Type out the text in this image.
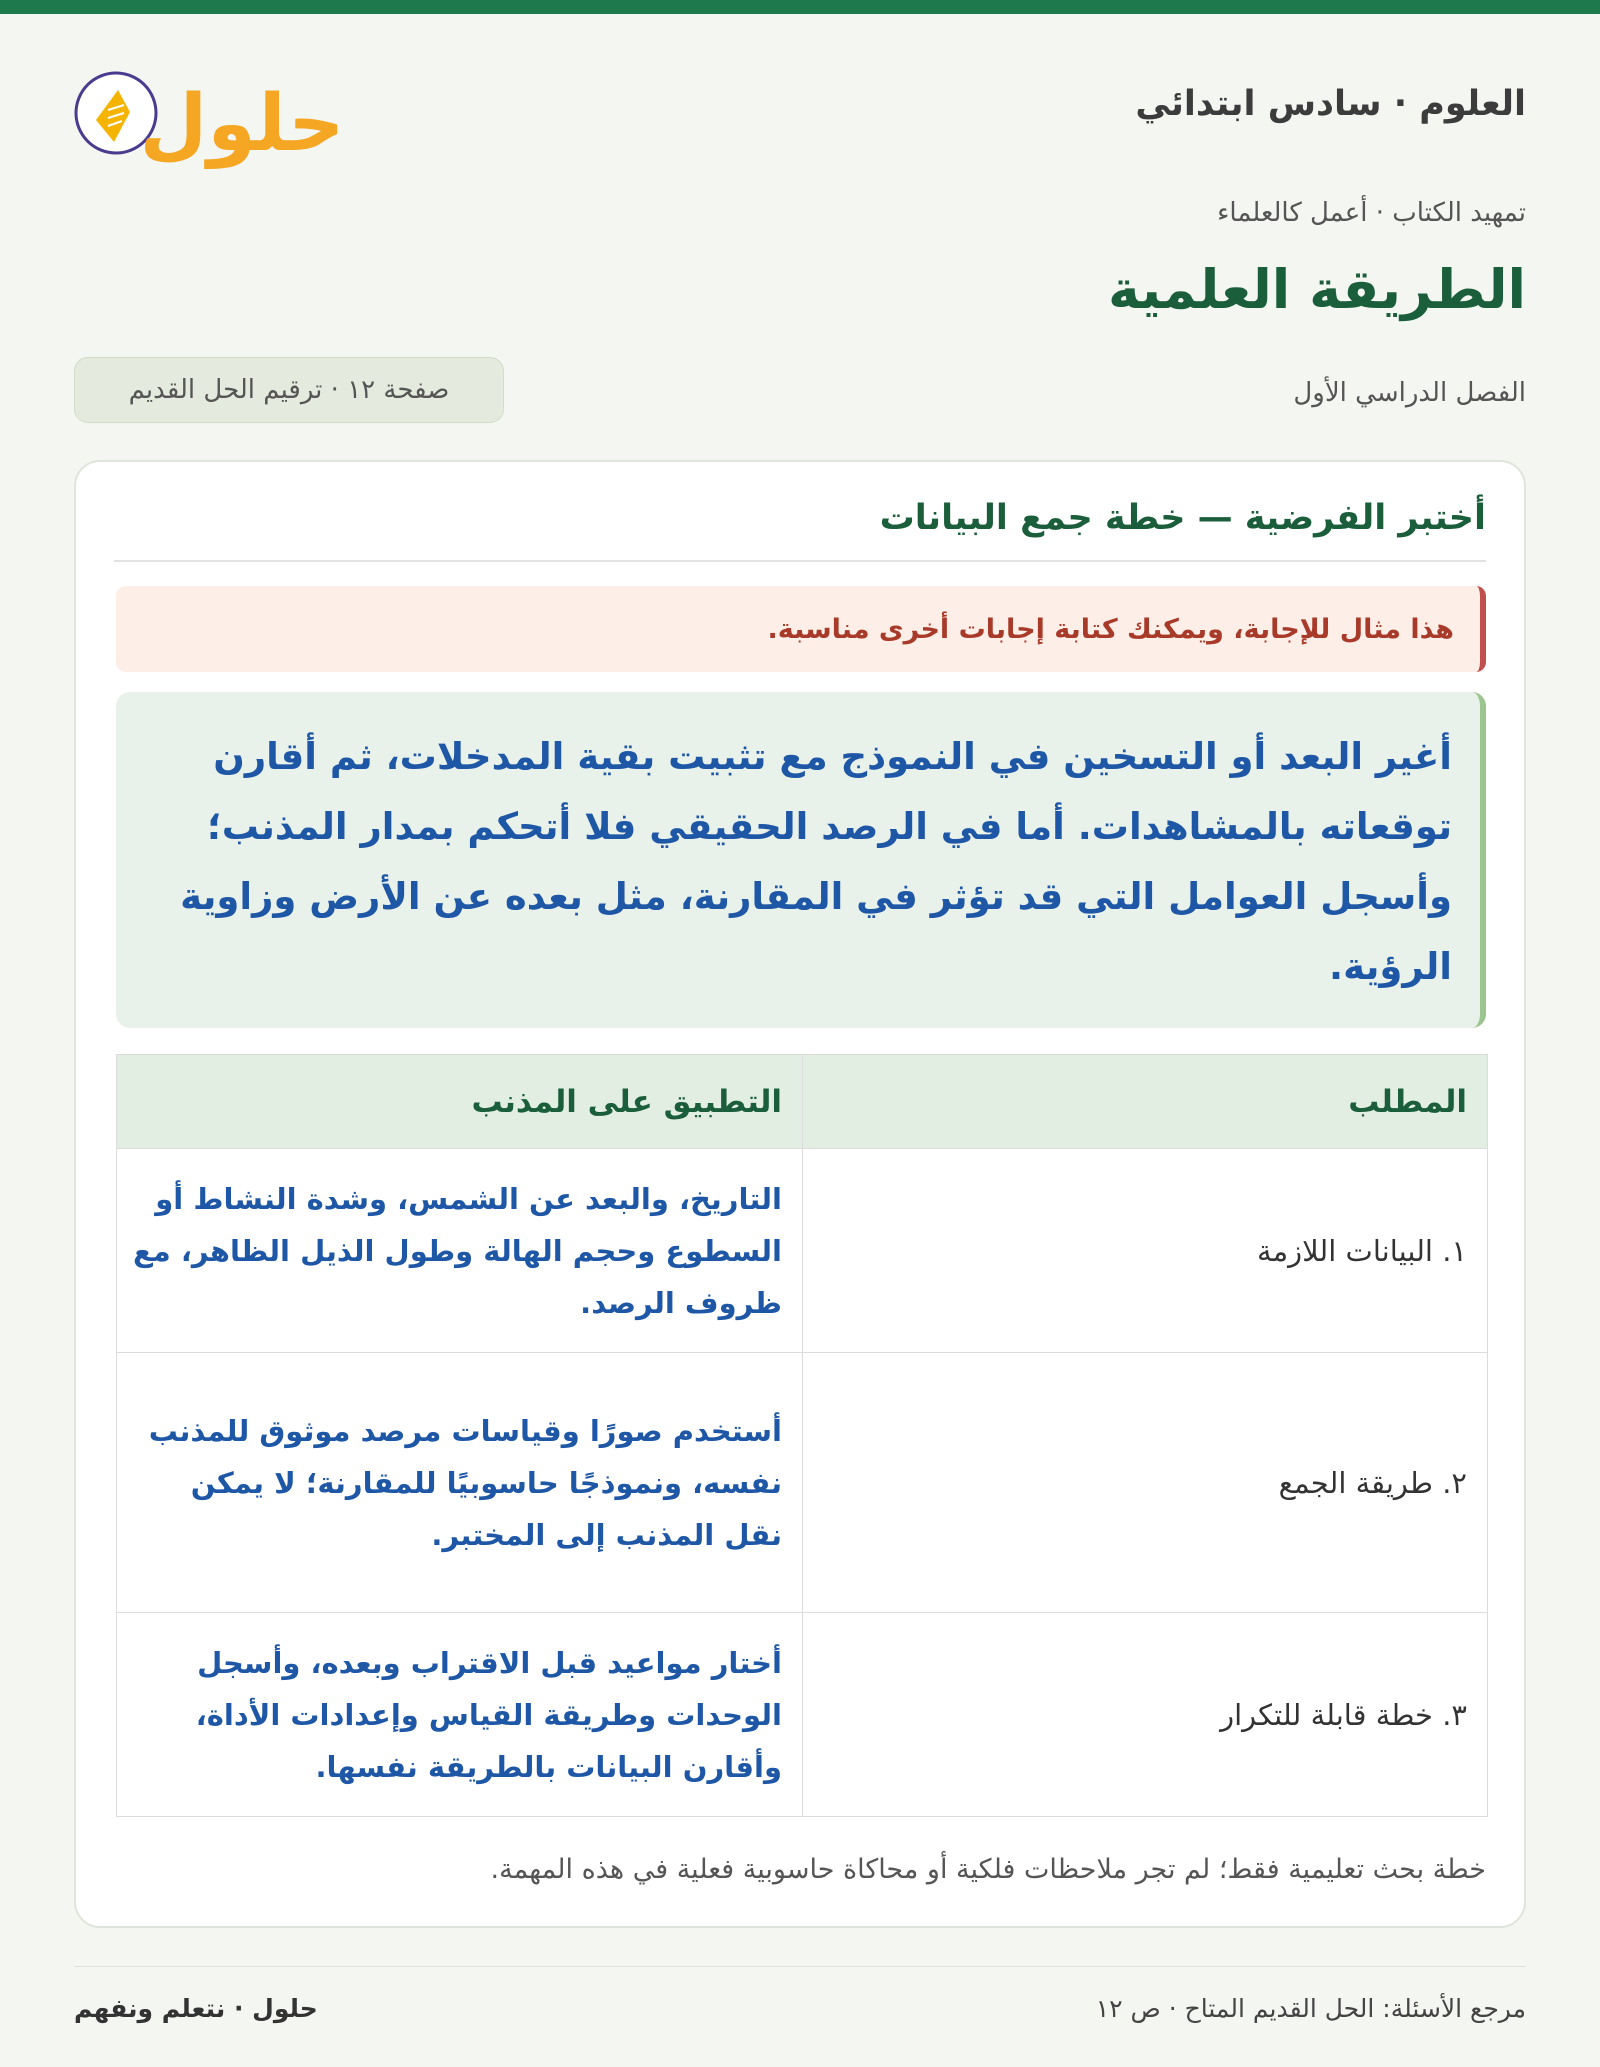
العلوم · سادس ابتدائي
حلول
تمهيد الكتاب · أعمل كالعلماء
الطريقة العلمية
الفصل الدراسي الأول
صفحة ١٢ · ترقيم الحل القديم
أختبر الفرضية — خطة جمع البيانات
هذا مثال للإجابة، ويمكنك كتابة إجابات أخرى مناسبة.
أغير البعد أو التسخين في النموذج مع تثبيت بقية المدخلات، ثم أقارن توقعاته بالمشاهدات. أما في الرصد الحقيقي فلا أتحكم بمدار المذنب؛ وأسجل العوامل التي قد تؤثر في المقارنة، مثل بعده عن الأرض وزاوية الرؤية.
المطلب	التطبيق على المذنب
١. البيانات اللازمة	التاريخ، والبعد عن الشمس، وشدة النشاط أو السطوع وحجم الهالة وطول الذيل الظاهر، مع ظروف الرصد.
٢. طريقة الجمع	أستخدم صورًا وقياسات مرصد موثوق للمذنب نفسه، ونموذجًا حاسوبيًا للمقارنة؛ لا يمكن نقل المذنب إلى المختبر.
٣. خطة قابلة للتكرار	أختار مواعيد قبل الاقتراب وبعده، وأسجل الوحدات وطريقة القياس وإعدادات الأداة، وأقارن البيانات بالطريقة نفسها.
خطة بحث تعليمية فقط؛ لم تجر ملاحظات فلكية أو محاكاة حاسوبية فعلية في هذه المهمة.
مرجع الأسئلة: الحل القديم المتاح · ص ١٢
حلول · نتعلم ونفهم
